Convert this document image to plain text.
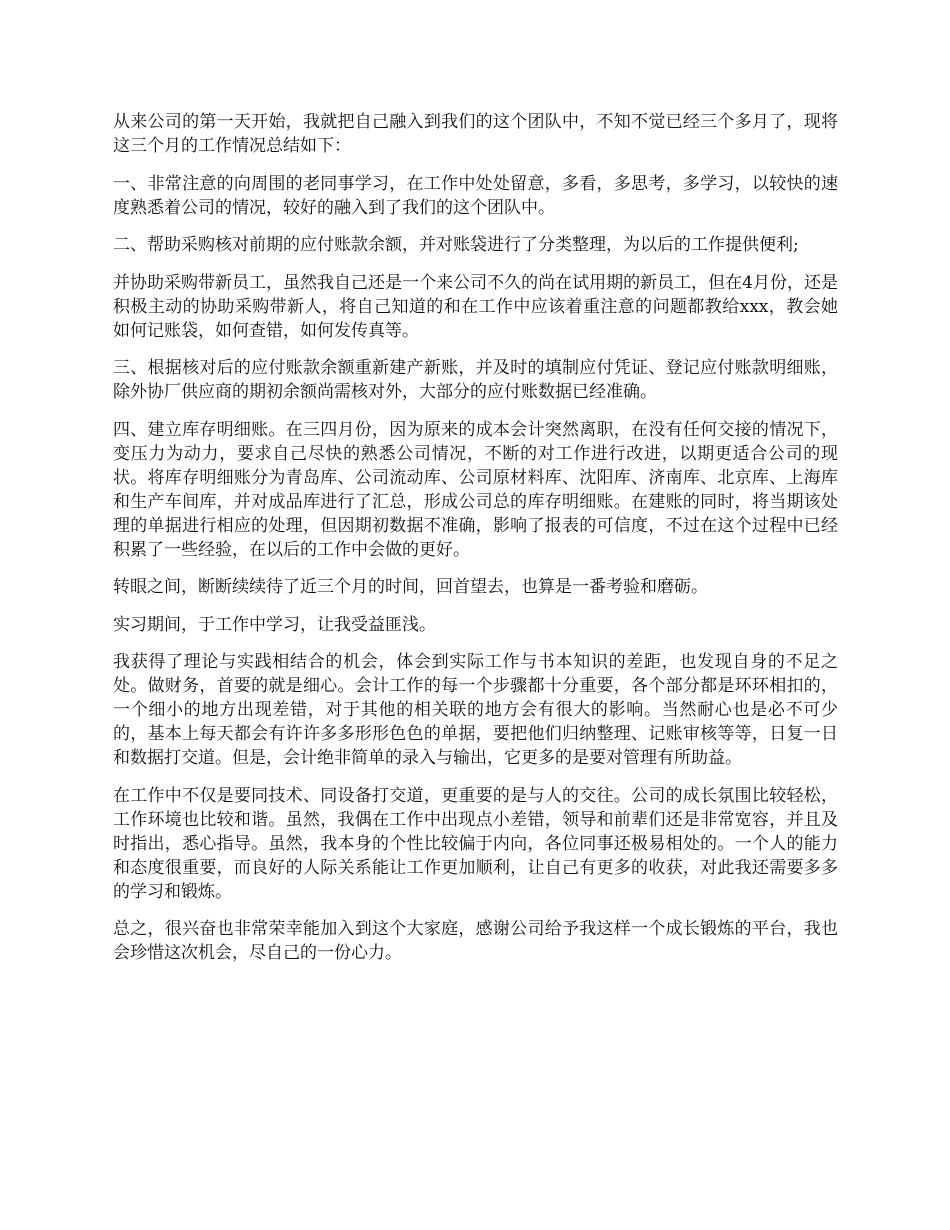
从来公司的第一天开始，我就把自己融入到我们的这个团队中，不知不觉已经三个多月了，现将这三个月的工作情况总结如下：

一、非常注意的向周围的老同事学习，在工作中处处留意，多看，多思考，多学习，以较快的速度熟悉着公司的情况，较好的融入到了我们的这个团队中。

二、帮助采购核对前期的应付账款余额，并对账袋进行了分类整理，为以后的工作提供便利;

并协助采购带新员工，虽然我自己还是一个来公司不久的尚在试用期的新员工，但在4月份，还是积极主动的协助采购带新人，将自己知道的和在工作中应该着重注意的问题都教给xxx，教会她如何记账袋，如何查错，如何发传真等。

三、根据核对后的应付账款余额重新建产新账，并及时的填制应付凭证、登记应付账款明细账，除外协厂供应商的期初余额尚需核对外，大部分的应付账数据已经准确。

四、建立库存明细账。在三四月份，因为原来的成本会计突然离职，在没有任何交接的情况下，变压力为动力，要求自己尽快的熟悉公司情况，不断的对工作进行改进，以期更适合公司的现状。将库存明细账分为青岛库、公司流动库、公司原材料库、沈阳库、济南库、北京库、上海库和生产车间库，并对成品库进行了汇总，形成公司总的库存明细账。在建账的同时，将当期该处理的单据进行相应的处理，但因期初数据不准确，影响了报表的可信度，不过在这个过程中已经积累了一些经验，在以后的工作中会做的更好。

转眼之间，断断续续待了近三个月的时间，回首望去，也算是一番考验和磨砺。

实习期间，于工作中学习，让我受益匪浅。

我获得了理论与实践相结合的机会，体会到实际工作与书本知识的差距，也发现自身的不足之处。做财务，首要的就是细心。会计工作的每一个步骤都十分重要，各个部分都是环环相扣的，一个细小的地方出现差错，对于其他的相关联的地方会有很大的影响。当然耐心也是必不可少的，基本上每天都会有许许多多形形色色的单据，要把他们归纳整理、记账审核等等，日复一日和数据打交道。但是，会计绝非简单的录入与输出，它更多的是要对管理有所助益。

在工作中不仅是要同技术、同设备打交道，更重要的是与人的交往。公司的成长氛围比较轻松，工作环境也比较和谐。虽然，我偶在工作中出现点小差错，领导和前辈们还是非常宽容，并且及时指出，悉心指导。虽然，我本身的个性比较偏于内向，各位同事还极易相处的。一个人的能力和态度很重要，而良好的人际关系能让工作更加顺利，让自己有更多的收获，对此我还需要多多的学习和锻炼。

总之，很兴奋也非常荣幸能加入到这个大家庭，感谢公司给予我这样一个成长锻炼的平台，我也会珍惜这次机会，尽自己的一份心力。
